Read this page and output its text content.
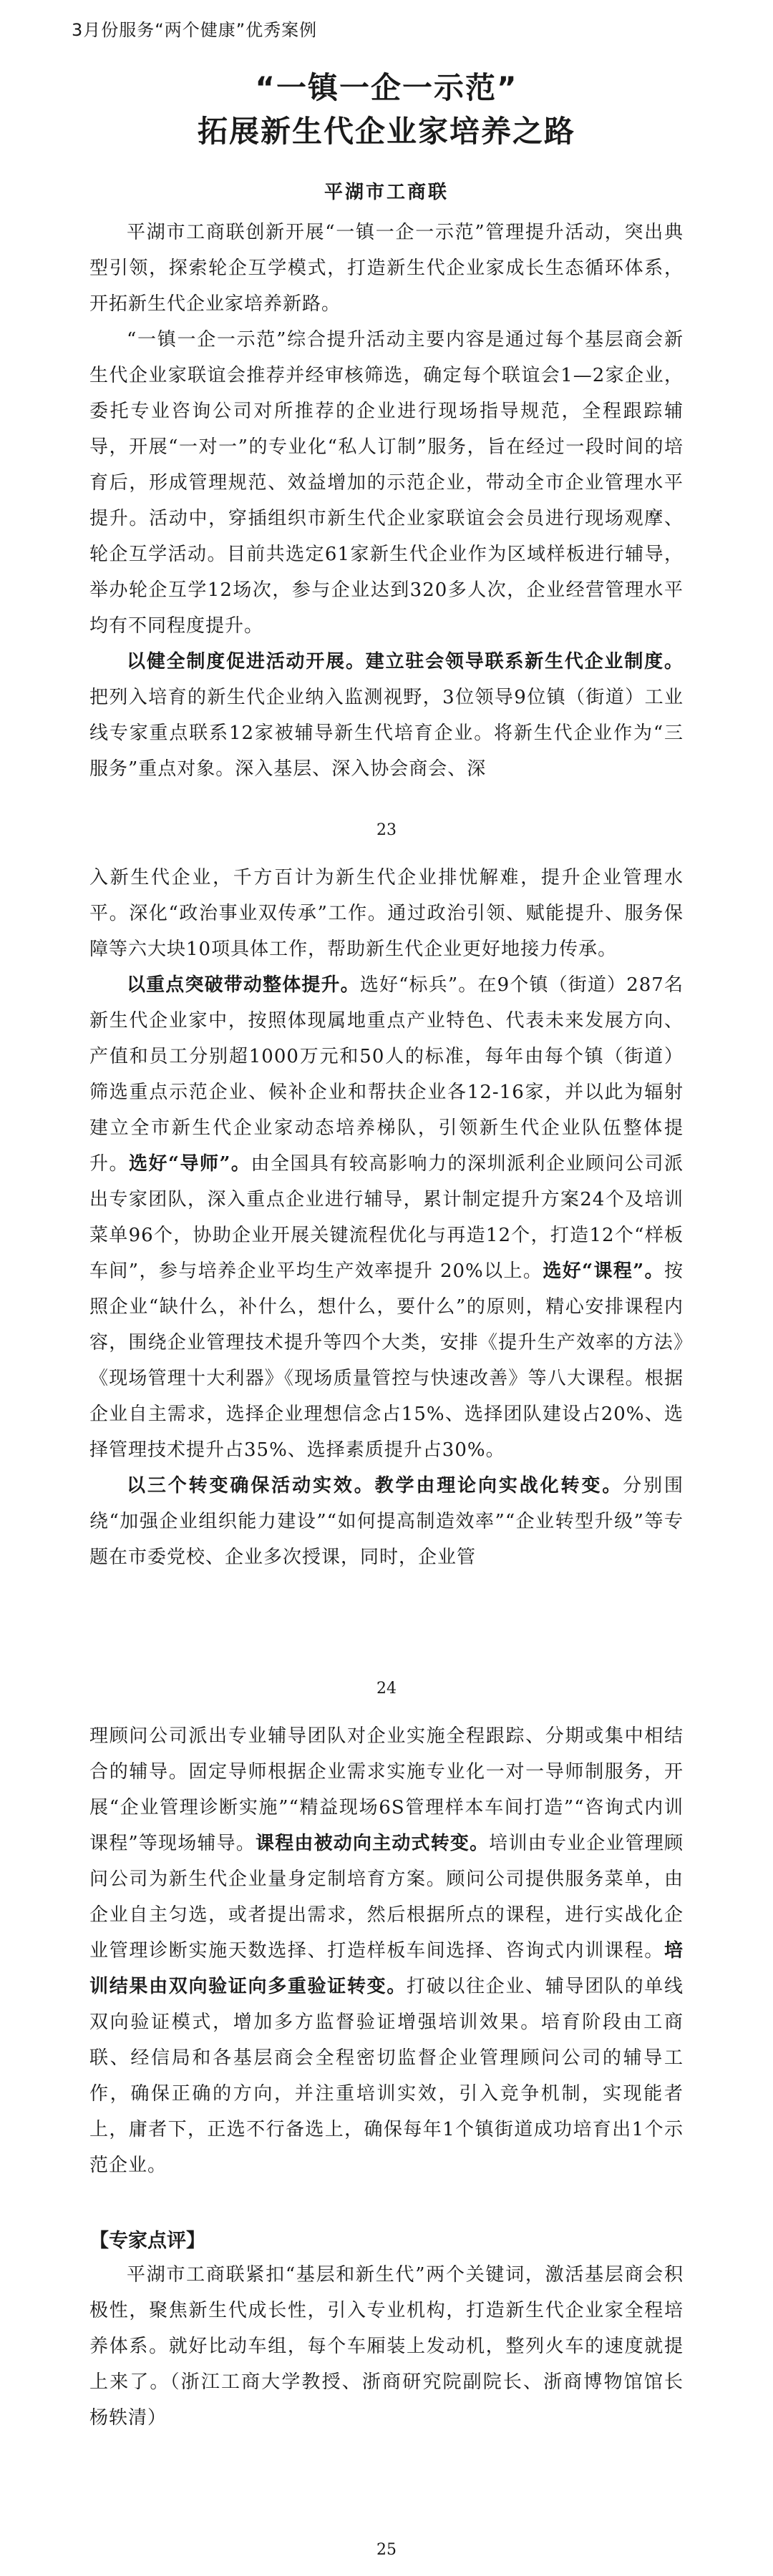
3月份服务“两个健康”优秀案例
“一镇一企一示范”
拓展新生代企业家培养之路
平湖市工商联

平湖市工商联创新开展“一镇一企一示范”管理提升活动，突出典型引领，探索轮企互学模式，打造新生代企业家成长生态循环体系，开拓新生代企业家培养新路。

“一镇一企一示范”综合提升活动主要内容是通过每个基层商会新生代企业家联谊会推荐并经审核筛选，确定每个联谊会1—2家企业，委托专业咨询公司对所推荐的企业进行现场指导规范，全程跟踪辅导，开展“一对一”的专业化“私人订制”服务，旨在经过一段时间的培育后，形成管理规范、效益增加的示范企业，带动全市企业管理水平提升。活动中，穿插组织市新生代企业家联谊会会员进行现场观摩、轮企互学活动。目前共选定61家新生代企业作为区域样板进行辅导，举办轮企互学12场次，参与企业达到320多人次，企业经营管理水平均有不同程度提升。

以健全制度促进活动开展。建立驻会领导联系新生代企业制度。把列入培育的新生代企业纳入监测视野，3位领导9位镇（街道）工业线专家重点联系12家被辅导新生代培育企业。将新生代企业作为“三服务”重点对象。深入基层、深入协会商会、深

23

入新生代企业，千方百计为新生代企业排忧解难，提升企业管理水平。深化“政治事业双传承”工作。通过政治引领、赋能提升、服务保障等六大块10项具体工作，帮助新生代企业更好地接力传承。

以重点突破带动整体提升。选好“标兵”。在9个镇（街道）287名新生代企业家中，按照体现属地重点产业特色、代表未来发展方向、产值和员工分别超1000万元和50人的标准，每年由每个镇（街道）筛选重点示范企业、候补企业和帮扶企业各12-16家，并以此为辐射建立全市新生代企业家动态培养梯队，引领新生代企业队伍整体提升。选好“导师”。由全国具有较高影响力的深圳派利企业顾问公司派出专家团队，深入重点企业进行辅导，累计制定提升方案24个及培训菜单96个，协助企业开展关键流程优化与再造12个，打造12个“样板车间”，参与培养企业平均生产效率提升 20%以上。选好“课程”。按照企业“缺什么，补什么，想什么，要什么”的原则，精心安排课程内容，围绕企业管理技术提升等四个大类，安排《提升生产效率的方法》《现场管理十大利器》《现场质量管控与快速改善》等八大课程。根据企业自主需求，选择企业理想信念占15%、选择团队建设占20%、选择管理技术提升占35%、选择素质提升占30%。

以三个转变确保活动实效。教学由理论向实战化转变。分别围绕“加强企业组织能力建设”“如何提高制造效率”“企业转型升级”等专题在市委党校、企业多次授课，同时，企业管

24

理顾问公司派出专业辅导团队对企业实施全程跟踪、分期或集中相结合的辅导。固定导师根据企业需求实施专业化一对一导师制服务，开展“企业管理诊断实施”“精益现场6S管理样本车间打造”“咨询式内训课程”等现场辅导。课程由被动向主动式转变。培训由专业企业管理顾问公司为新生代企业量身定制培育方案。顾问公司提供服务菜单，由企业自主匀选，或者提出需求，然后根据所点的课程，进行实战化企业管理诊断实施天数选择、打造样板车间选择、咨询式内训课程。培训结果由双向验证向多重验证转变。打破以往企业、辅导团队的单线双向验证模式，增加多方监督验证增强培训效果。培育阶段由工商联、经信局和各基层商会全程密切监督企业管理顾问公司的辅导工作，确保正确的方向，并注重培训实效，引入竞争机制，实现能者上，庸者下，正选不行备选上，确保每年1个镇街道成功培育出1个示范企业。

【专家点评】

平湖市工商联紧扣“基层和新生代”两个关键词，激活基层商会积极性，聚焦新生代成长性，引入专业机构，打造新生代企业家全程培养体系。就好比动车组，每个车厢装上发动机，整列火车的速度就提上来了。（浙江工商大学教授、浙商研究院副院长、浙商博物馆馆长 杨轶清）

25
